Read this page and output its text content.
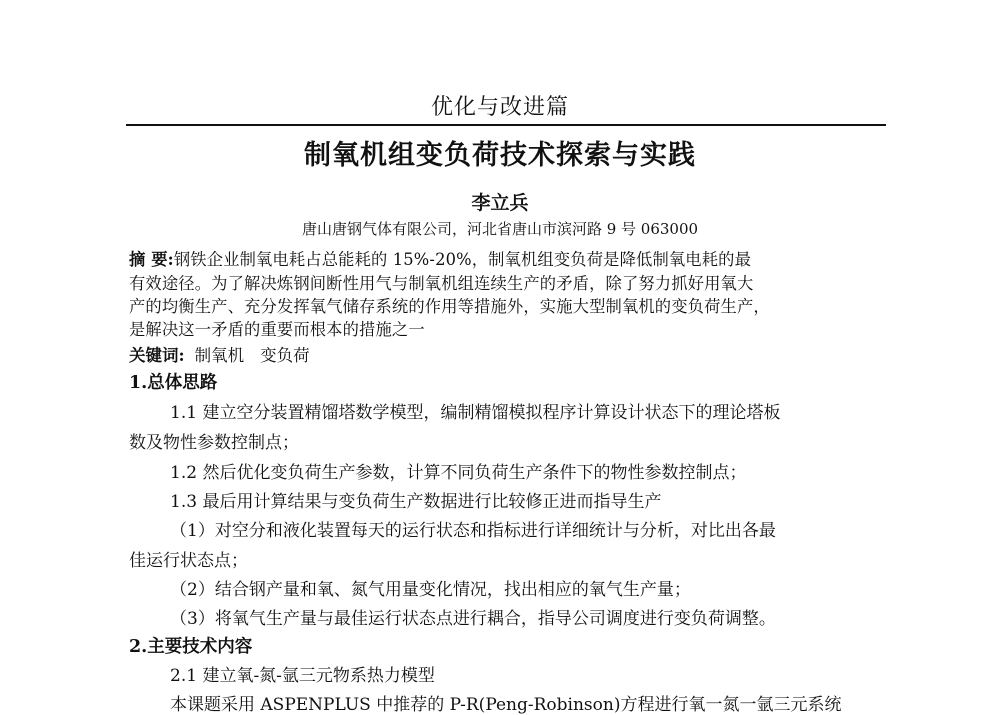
优化与改进篇
制氧机组变负荷技术探索与实践
李立兵
唐山唐钢气体有限公司，河北省唐山市滨河路 9 号 063000
摘 要:钢铁企业制氧电耗占总能耗的 15%-20%，制氧机组变负荷是降低制氧电耗的最
有效途径。为了解决炼钢间断性用气与制氧机组连续生产的矛盾，除了努力抓好用氧大
产的均衡生产、充分发挥氧气储存系统的作用等措施外，实施大型制氧机的变负荷生产，
是解决这一矛盾的重要而根本的措施之一
关键词: 制氧机 变负荷
1.总体思路
1.1 建立空分装置精馏塔数学模型，编制精馏模拟程序计算设计状态下的理论塔板
数及物性参数控制点；
1.2 然后优化变负荷生产参数，计算不同负荷生产条件下的物性参数控制点；
1.3 最后用计算结果与变负荷生产数据进行比较修正进而指导生产
（1）对空分和液化装置每天的运行状态和指标进行详细统计与分析，对比出各最
佳运行状态点；
（2）结合钢产量和氧、氮气用量变化情况，找出相应的氧气生产量；
（3）将氧气生产量与最佳运行状态点进行耦合，指导公司调度进行变负荷调整。
2.主要技术内容
2.1 建立氧-氮-氩三元物系热力模型
本课题采用 ASPENPLUS 中推荐的 P-R(Peng-Robinson)方程进行氧一氮一氩三元系统
